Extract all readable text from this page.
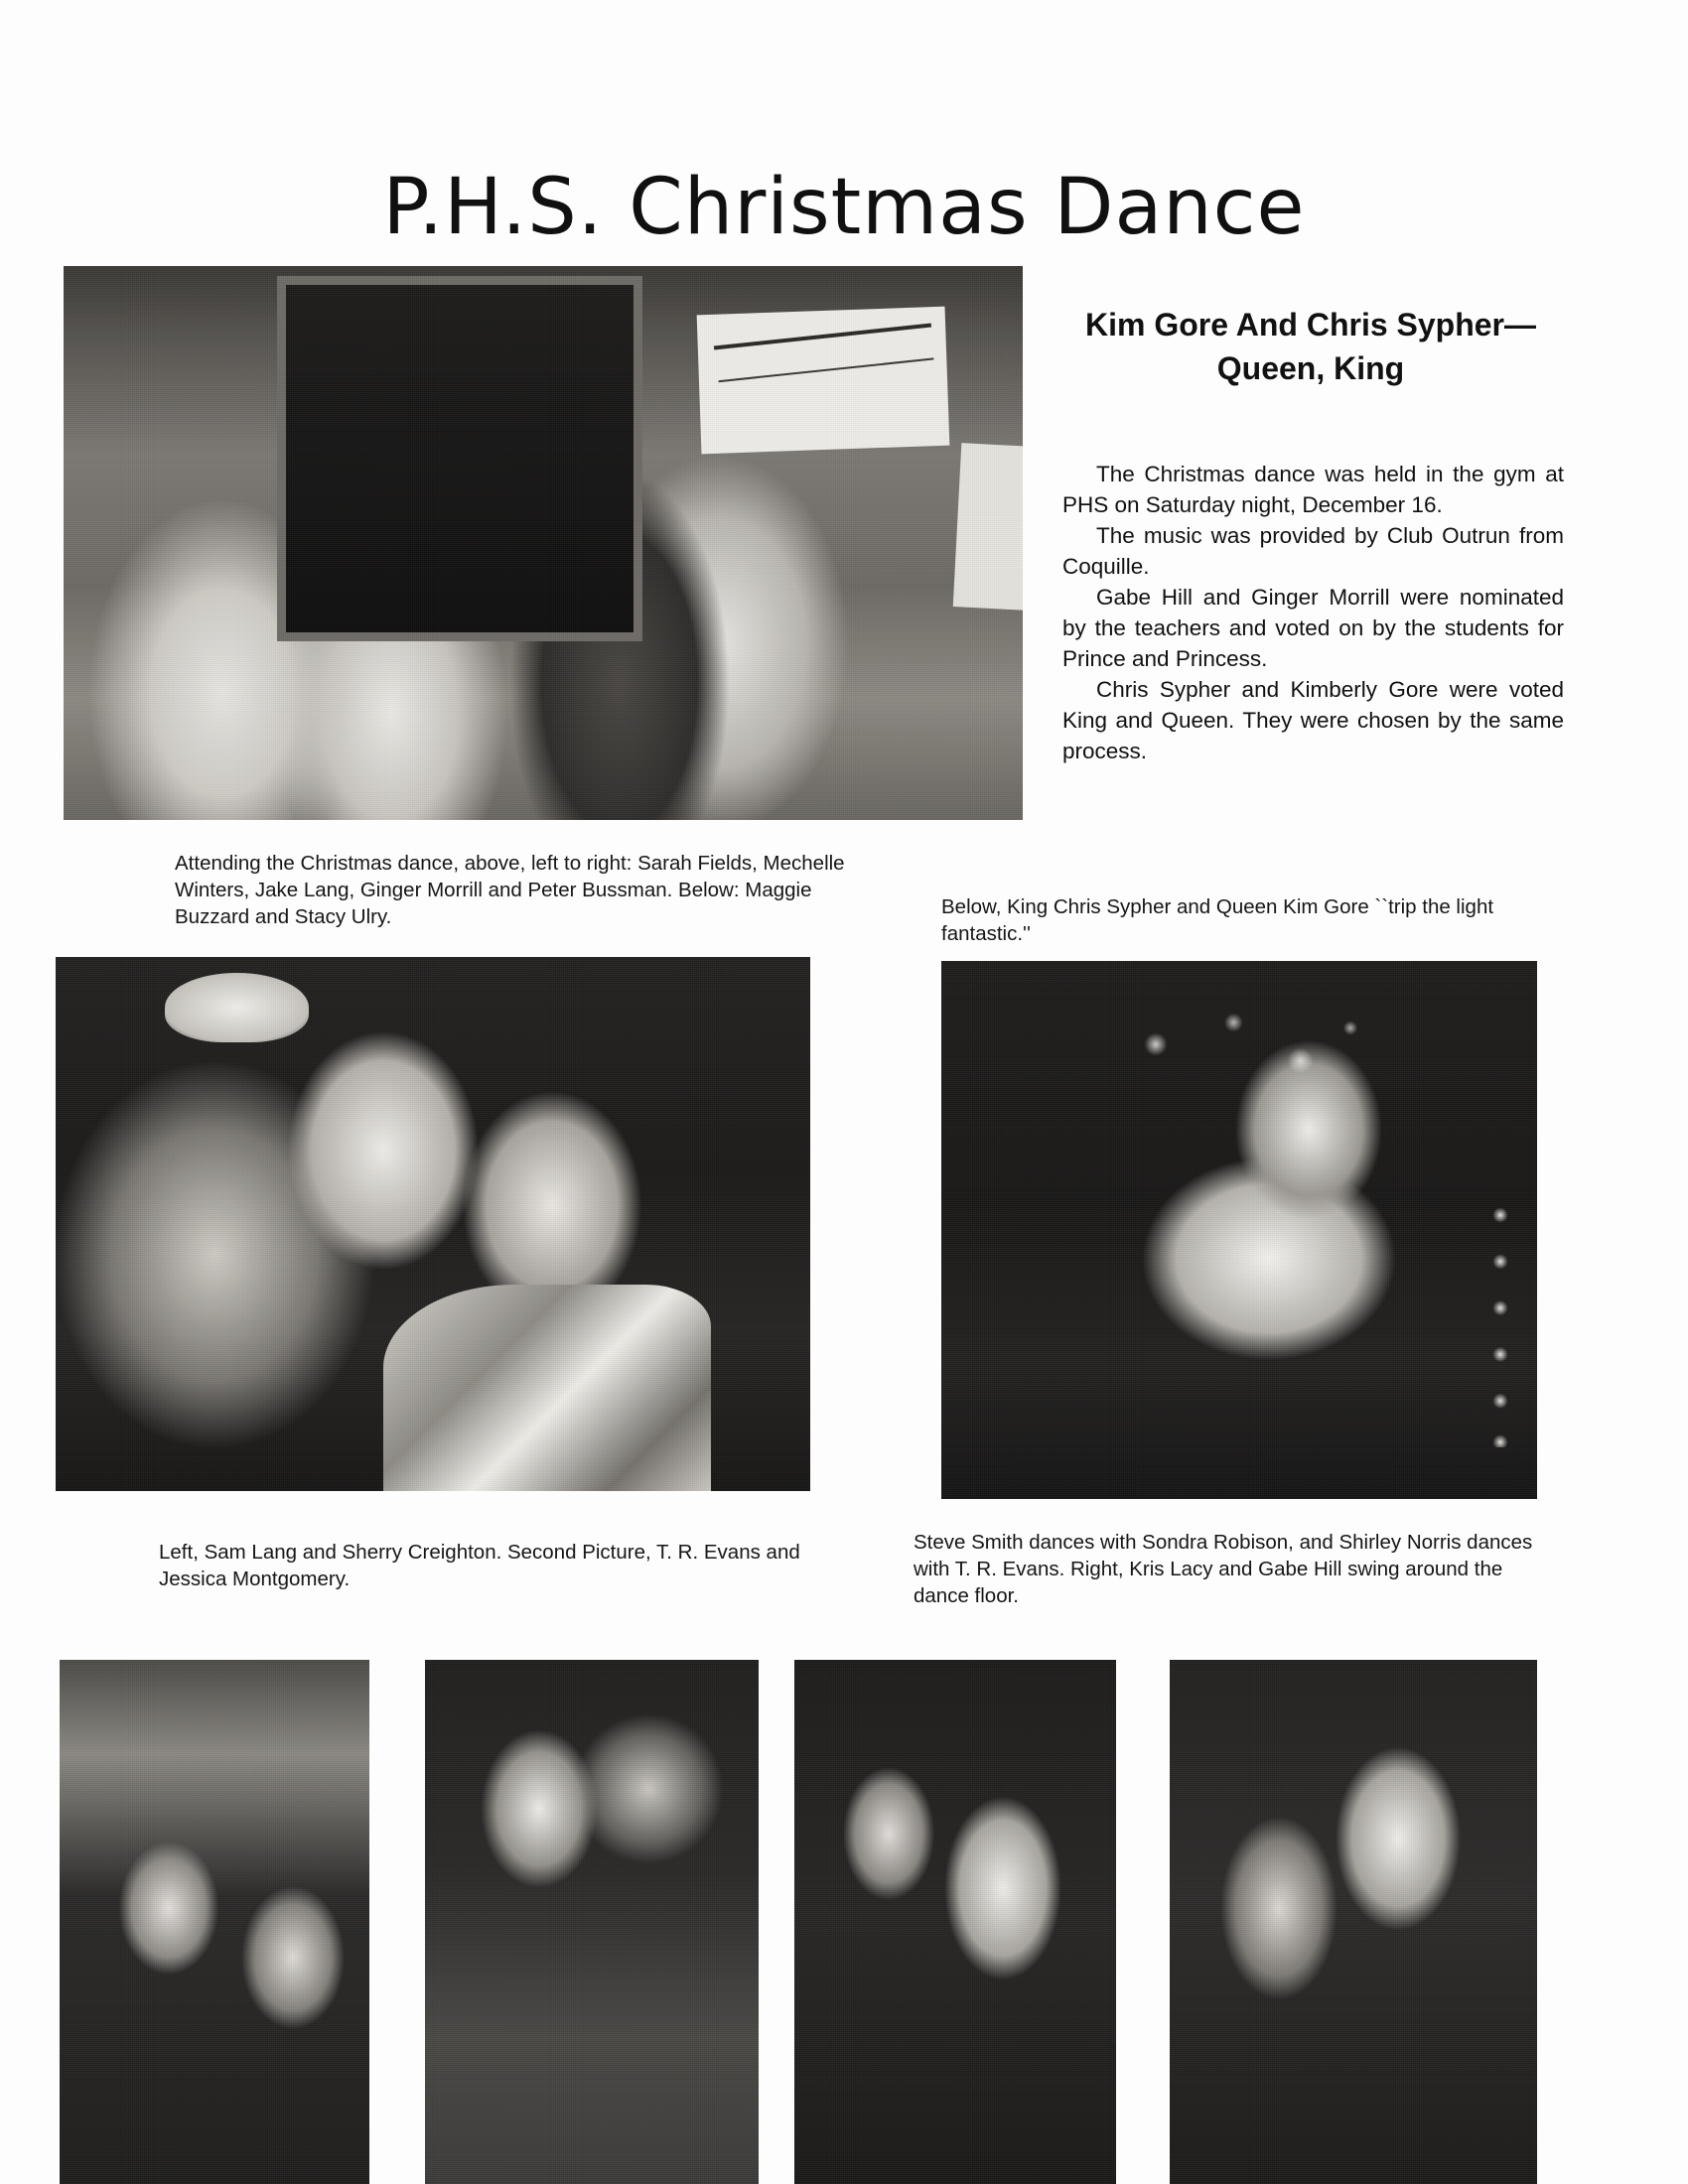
P.H.S. Christmas Dance
Kim Gore And Chris Sypher—Queen, King

The Christmas dance was held in the gym at PHS on Saturday night, December 16.

The music was provided by Club Outrun from Coquille.

Gabe Hill and Ginger Morrill were nominated by the teachers and voted on by the students for Prince and Princess.

Chris Sypher and Kimberly Gore were voted King and Queen. They were chosen by the same process.

Attending the Christmas dance, above, left to right: Sarah Fields, Mechelle Winters, Jake Lang, Ginger Morrill and Peter Bussman. Below: Maggie Buzzard and Stacy Ulry.	Below, King Chris Sypher and Queen Kim Gore ``trip the light fantastic.''
Left, Sam Lang and Sherry Creighton. Second Picture, T. R. Evans and Jessica Montgomery.
Steve Smith dances with Sondra Robison, and Shirley Norris dances with T. R. Evans. Right, Kris Lacy and Gabe Hill swing around the dance floor.
